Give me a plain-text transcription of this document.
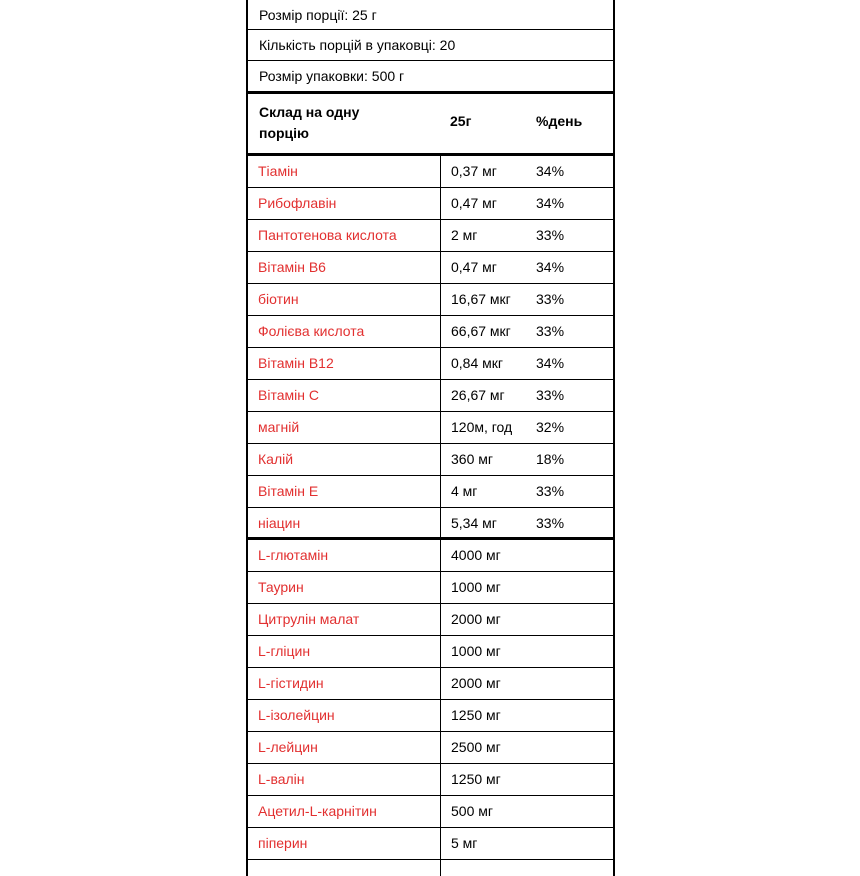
Розмір порції: 25 г
Кількість порцій в упаковці: 20
Розмір упаковки: 500 г
Склад на одну порцію
25г	%день
Тіамін	0,37 мг	34%
Рибофлавін	0,47 мг	34%
Пантотенова кислота	2 мг	33%
Вітамін B6	0,47 мг	34%
біотин	16,67 мкг 33%
Фолієва кислота	66,67 мкг 33%
Вітамін B12	0,84 мкг 34%
Вітамін C	26,67 мг 33%
магній	120м, год 32%
Калій	360 мг	18%
Вітамін E	4 мг	33%
ніацин	5,34 мг	33%
L-глютамін	4000 мг
Таурин	1000 мг
Цитрулін малат	2000 мг
L-гліцин	1000 мг
L-гістидин	2000 мг
L-ізолейцин	1250 мг
L-лейцин	2500 мг
L-валін	1250 мг
Ацетил-L-карнітин	500 мг
піперин	5 мг
